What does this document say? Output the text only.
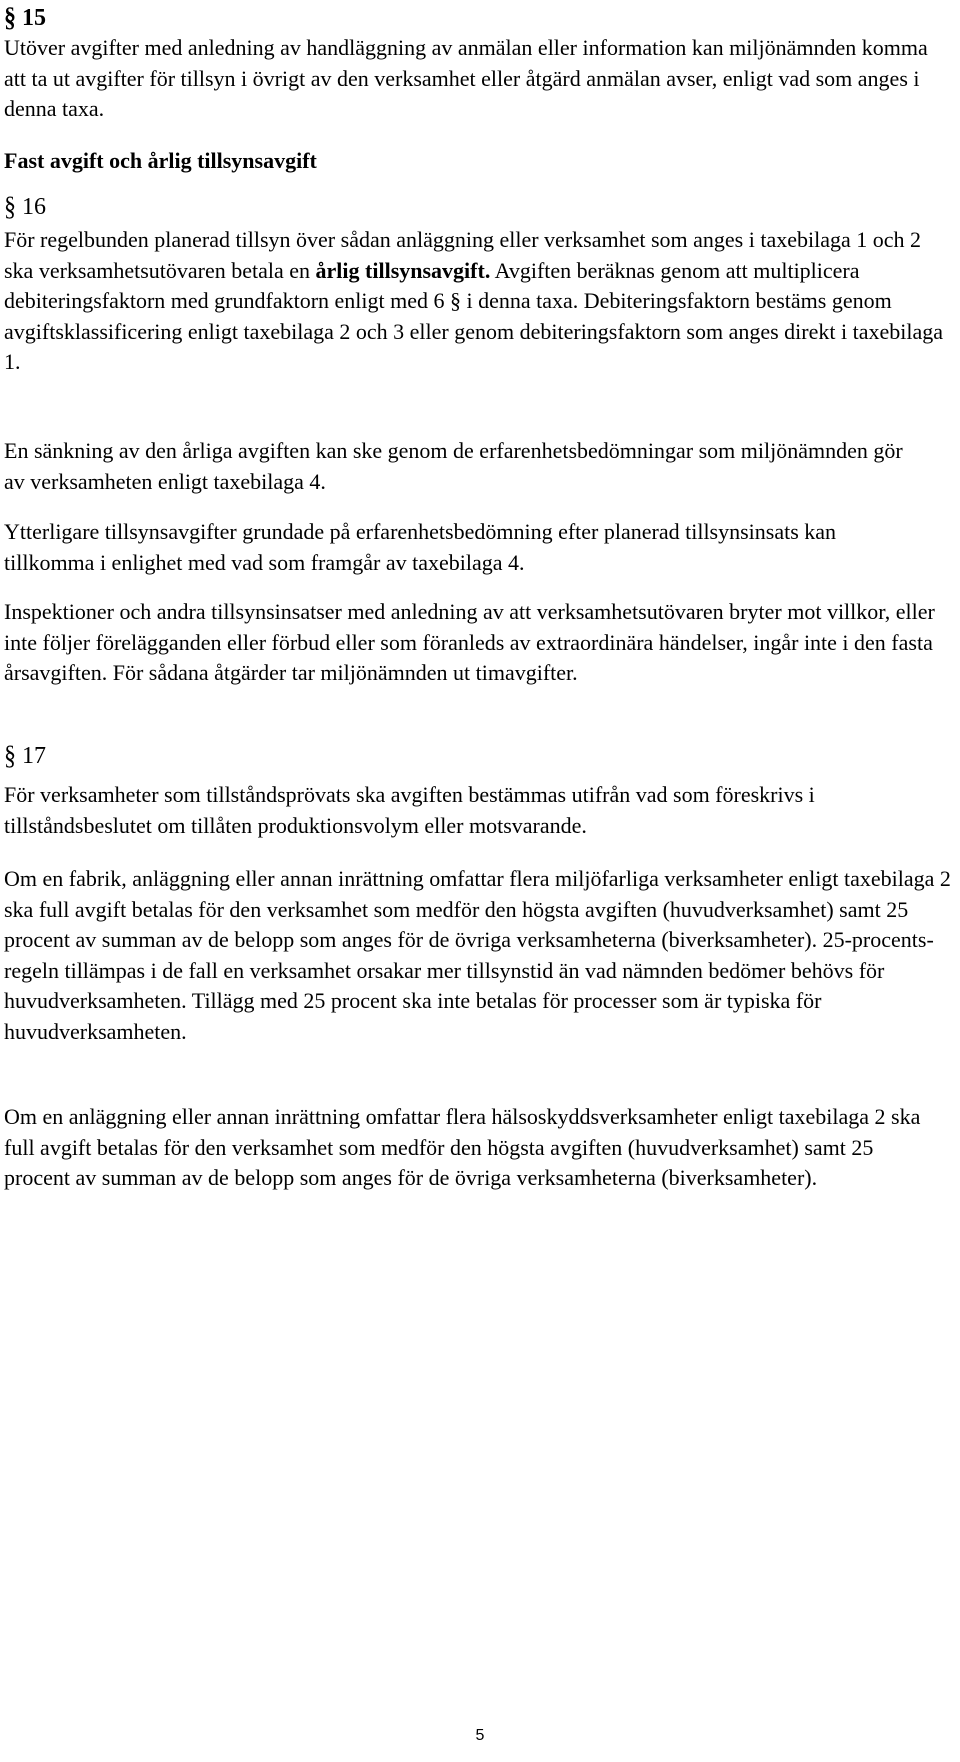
§ 15

Utöver avgifter med anledning av handläggning av anmälan eller information kan miljönämnden komma att ta ut avgifter för tillsyn i övrigt av den verksamhet eller åtgärd anmälan avser, enligt vad som anges i denna taxa.

Fast avgift och årlig tillsynsavgift
§ 16

För regelbunden planerad tillsyn över sådan anläggning eller verksamhet som anges i taxebilaga 1 och 2 ska verksamhetsutövaren betala en årlig tillsynsavgift. Avgiften beräknas genom att multiplicera debiteringsfaktorn med grundfaktorn enligt med 6 § i denna taxa. Debiteringsfaktorn bestäms genom avgiftsklassificering enligt taxebilaga 2 och 3 eller genom debiteringsfaktorn som anges direkt i taxebilaga 1.

En sänkning av den årliga avgiften kan ske genom de erfarenhetsbedömningar som miljönämnden gör av verksamheten enligt taxebilaga 4.

Ytterligare tillsynsavgifter grundade på erfarenhetsbedömning efter planerad tillsynsinsats kan tillkomma i enlighet med vad som framgår av taxebilaga 4.

Inspektioner och andra tillsynsinsatser med anledning av att verksamhetsutövaren bryter mot villkor, eller inte följer förelägganden eller förbud eller som föranleds av extraordinära händelser, ingår inte i den fasta årsavgiften. För sådana åtgärder tar miljönämnden ut timavgifter.

§ 17

För verksamheter som tillståndsprövats ska avgiften bestämmas utifrån vad som föreskrivs i tillståndsbeslutet om tillåten produktionsvolym eller motsvarande.

Om en fabrik, anläggning eller annan inrättning omfattar flera miljöfarliga verksamheter enligt taxebilaga 2 ska full avgift betalas för den verksamhet som medför den högsta avgiften (huvudverksamhet) samt 25 procent av summan av de belopp som anges för de övriga verksamheterna (biverksamheter). 25-procents-regeln tillämpas i de fall en verksamhet orsakar mer tillsynstid än vad nämnden bedömer behövs för huvudverksamheten. Tillägg med 25 procent ska inte betalas för processer som är typiska för huvudverksamheten.

Om en anläggning eller annan inrättning omfattar flera hälsoskyddsverksamheter enligt taxebilaga 2 ska full avgift betalas för den verksamhet som medför den högsta avgiften (huvudverksamhet) samt 25 procent av summan av de belopp som anges för de övriga verksamheterna (biverksamheter).

5
